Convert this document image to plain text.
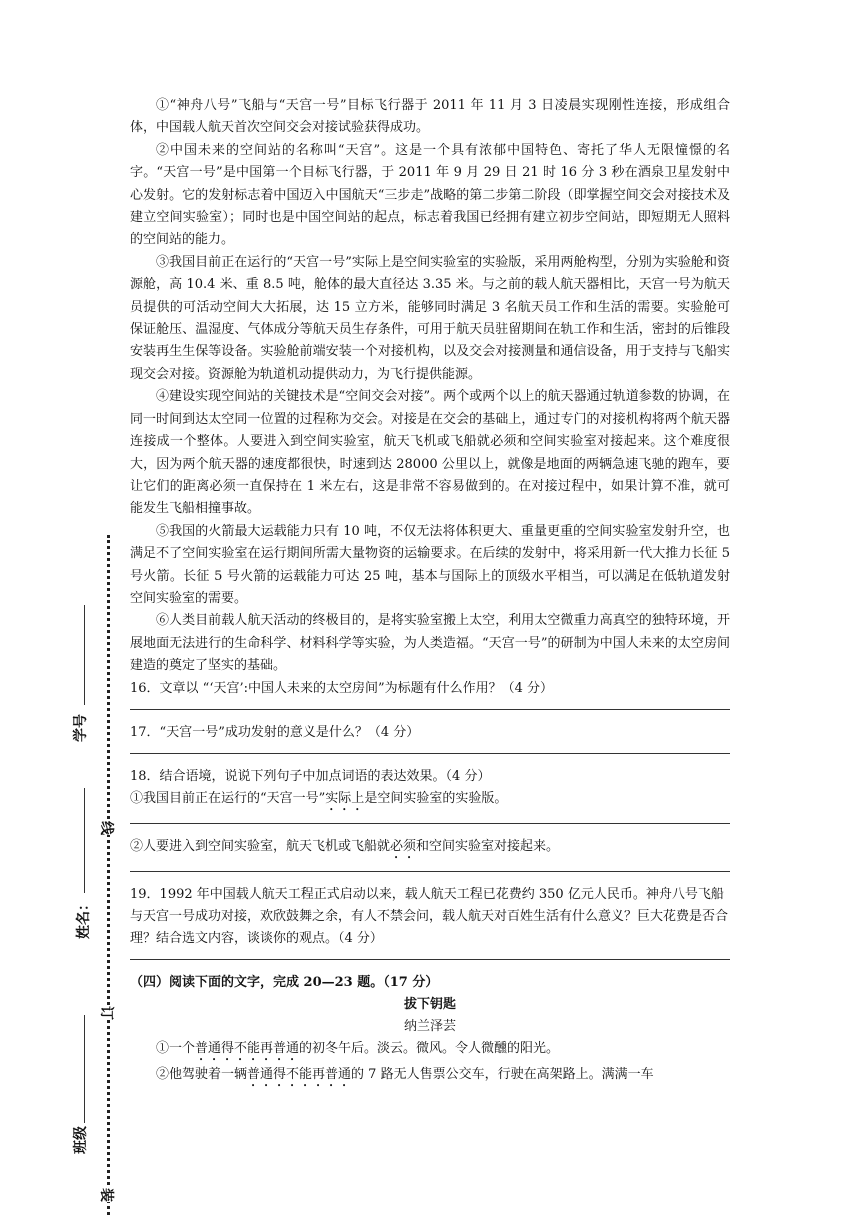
①“神舟八号”飞船与“天宫一号”目标飞行器于 2011 年 11 月 3 日凌晨实现刚性连接，形成组合体，中国载人航天首次空间交会对接试验获得成功。

②中国未来的空间站的名称叫“天宫”。这是一个具有浓郁中国特色、寄托了华人无限憧憬的名字。“天宫一号”是中国第一个目标飞行器，于 2011 年 9 月 29 日 21 时 16 分 3 秒在酒泉卫星发射中心发射。它的发射标志着中国迈入中国航天“三步走”战略的第二步第二阶段（即掌握空间交会对接技术及建立空间实验室）；同时也是中国空间站的起点，标志着我国已经拥有建立初步空间站，即短期无人照料的空间站的能力。

③我国目前正在运行的“天宫一号”实际上是空间实验室的实验版，采用两舱构型，分别为实验舱和资源舱，高 10.4 米、重 8.5 吨，舱体的最大直径达 3.35 米。与之前的载人航天器相比，天宫一号为航天员提供的可活动空间大大拓展，达 15 立方米，能够同时满足 3 名航天员工作和生活的需要。实验舱可保证舱压、温湿度、气体成分等航天员生存条件，可用于航天员驻留期间在轨工作和生活，密封的后锥段安装再生生保等设备。实验舱前端安装一个对接机构，以及交会对接测量和通信设备，用于支持与飞船实现交会对接。资源舱为轨道机动提供动力，为飞行提供能源。

④建设实现空间站的关键技术是“空间交会对接”。两个或两个以上的航天器通过轨道参数的协调，在同一时间到达太空同一位置的过程称为交会。对接是在交会的基础上，通过专门的对接机构将两个航天器连接成一个整体。人要进入到空间实验室，航天飞机或飞船就必须和空间实验室对接起来。这个难度很大，因为两个航天器的速度都很快，时速到达 28000 公里以上，就像是地面的两辆急速飞驰的跑车，要让它们的距离必须一直保持在 1 米左右，这是非常不容易做到的。在对接过程中，如果计算不准，就可能发生飞船相撞事故。

⑤我国的火箭最大运载能力只有 10 吨，不仅无法将体积更大、重量更重的空间实验室发射升空，也满足不了空间实验室在运行期间所需大量物资的运输要求。在后续的发射中，将采用新一代大推力长征 5 号火箭。长征 5 号火箭的运载能力可达 25 吨，基本与国际上的顶级水平相当，可以满足在低轨道发射空间实验室的需要。

⑥人类目前载人航天活动的终极目的，是将实验室搬上太空，利用太空微重力高真空的独特环境，开展地面无法进行的生命科学、材料科学等实验，为人类造福。“天宫一号”的研制为中国人未来的太空房间建造的奠定了坚实的基础。

16．文章以 “‘天宫’:中国人未来的太空房间”为标题有什么作用？（4 分）

17．“天宫一号”成功发射的意义是什么？（4 分）

18．结合语境，说说下列句子中加点词语的表达效果。（4 分）

①我国目前正在运行的“天宫一号”实际上是空间实验室的实验版。

②人要进入到空间实验室，航天飞机或飞船就必须和空间实验室对接起来。

19．1992 年中国载人航天工程正式启动以来，载人航天工程已花费约 350 亿元人民币。神舟八号飞船与天宫一号成功对接，欢欣鼓舞之余，有人不禁会问，载人航天对百姓生活有什么意义？巨大花费是否合理？结合选文内容，谈谈你的观点。（4 分）

（四）阅读下面的文字，完成 20—23 题。（17 分）

拔下钥匙

纳兰泽芸

①一个普通得不能再普通的初冬午后。淡云。微风。令人微醺的阳光。

②他驾驶着一辆普通得不能再普通的 7 路无人售票公交车，行驶在高架路上。满满一车

线
订
装
学号
姓名：
班级
